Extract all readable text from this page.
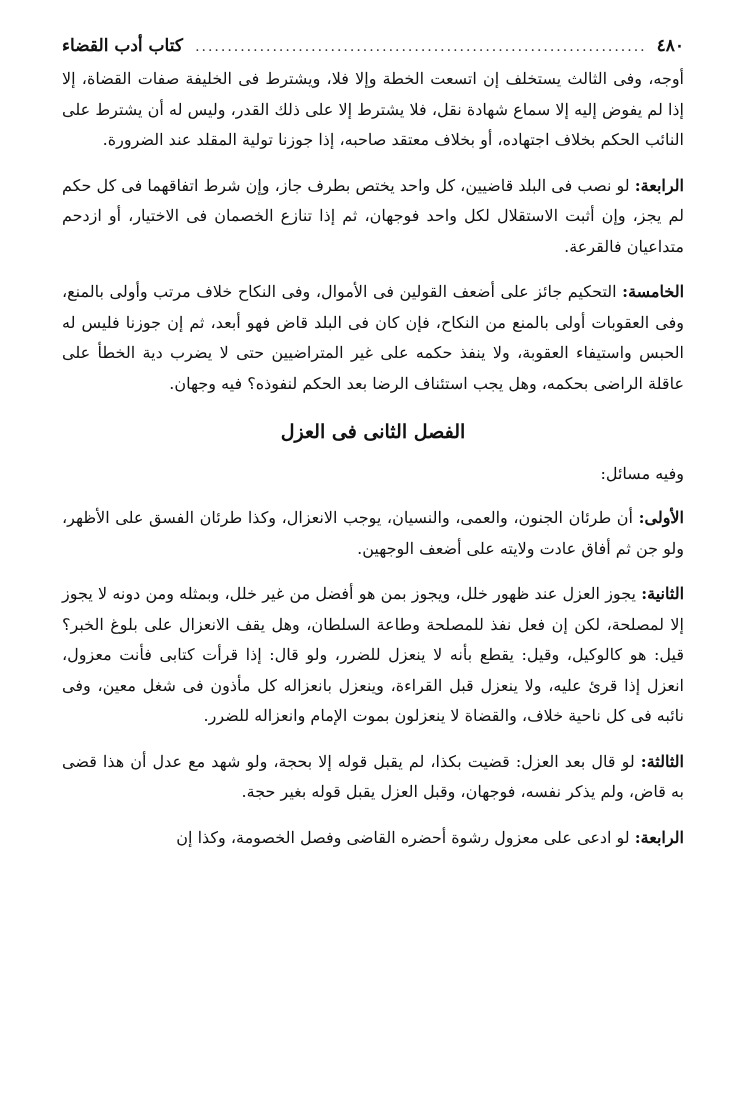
٤٨٠
.....
كتاب أدب القضاء

أوجه، وفى الثالث يستخلف إن اتسعت الخطة وإلا فلا، ويشترط فى الخليفة صفات القضاة، إلا إذا لم يفوض إليه إلا سماع شهادة نقل، فلا يشترط إلا على ذلك القدر، وليس له أن يشترط على النائب الحكم بخلاف اجتهاده، أو بخلاف معتقد صاحبه، إذا جوزنا تولية المقلد عند الضرورة.

الرابعة: لو نصب فى البلد قاضيين، كل واحد يختص بطرف جاز، وإن شرط اتفاقهما فى كل حكم لم يجز، وإن أثبت الاستقلال لكل واحد فوجهان، ثم إذا تنازع الخصمان فى الاختيار، أو ازدحم متداعيان فالقرعة.

الخامسة: التحكيم جائز على أضعف القولين فى الأموال، وفى النكاح خلاف مرتب وأولى بالمنع، وفى العقوبات أولى بالمنع من النكاح، فإن كان فى البلد قاض فهو أبعد، ثم إن جوزنا فليس له الحبس واستيفاء العقوبة، ولا ينفذ حكمه على غير المتراضيين حتى لا يضرب دية الخطأ على عاقلة الراضى بحكمه، وهل يجب استئناف الرضا بعد الحكم لنفوذه؟ فيه وجهان.

الفصل الثانى فى العزل
وفيه مسائل:

الأولى: أن طرئان الجنون، والعمى، والنسيان، يوجب الانعزال، وكذا طرئان الفسق على الأظهر، ولو جن ثم أفاق عادت ولايته على أضعف الوجهين.

الثانية: يجوز العزل عند ظهور خلل، ويجوز بمن هو أفضل من غير خلل، وبمثله ومن دونه لا يجوز إلا لمصلحة، لكن إن فعل نفذ للمصلحة وطاعة السلطان، وهل يقف الانعزال على بلوغ الخبر؟ قيل: هو كالوكيل، وقيل: يقطع بأنه لا ينعزل للضرر، ولو قال: إذا قرأت كتابى فأنت معزول، انعزل إذا قرئ عليه، ولا ينعزل قبل القراءة، وينعزل بانعزاله كل مأذون فى شغل معين، وفى نائبه فى كل ناحية خلاف، والقضاة لا ينعزلون بموت الإمام وانعزاله للضرر.

الثالثة: لو قال بعد العزل: قضيت بكذا، لم يقبل قوله إلا بحجة، ولو شهد مع عدل أن هذا قضى به قاض، ولم يذكر نفسه، فوجهان، وقبل العزل يقبل قوله بغير حجة.

الرابعة: لو ادعى على معزول رشوة أحضره القاضى وفصل الخصومة، وكذا إن
